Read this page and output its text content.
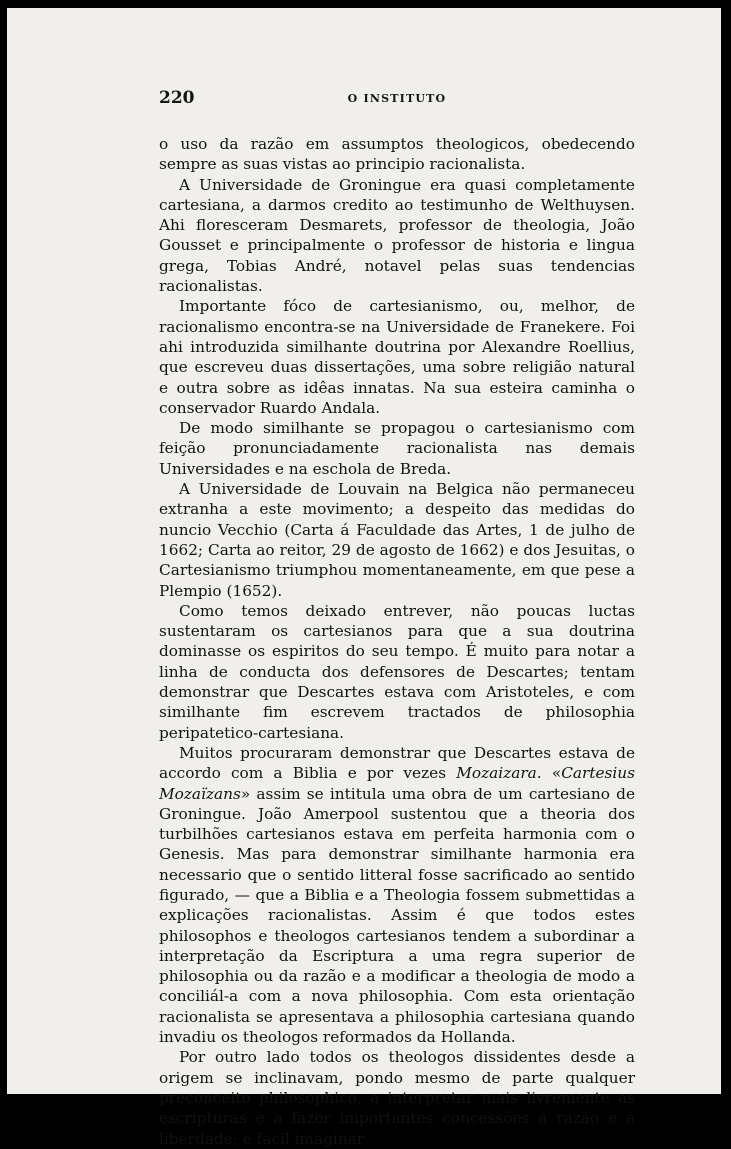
220	O INSTITUTO

o uso da razão em assumptos theologicos, obedecendo sempre as suas vistas ao principio racionalista.

A Universidade de Groningue era quasi completamente cartesiana, a darmos credito ao testimunho de Welthuysen. Ahi floresceram Desmarets, professor de theologia, João Gousset e principalmente o professor de historia e lingua grega, Tobias André, notavel pelas suas tendencias racionalistas.

Importante fóco de cartesianismo, ou, melhor, de racionalismo encontra-se na Universidade de Franekere. Foi ahi introduzida similhante doutrina por Alexandre Roellius, que escreveu duas dissertações, uma sobre religião natural e outra sobre as idêas innatas. Na sua esteira caminha o conservador Ruardo Andala.

De modo similhante se propagou o cartesianismo com feição pronunciadamente racionalista nas demais Universidades e na eschola de Breda.

A Universidade de Louvain na Belgica não permaneceu extranha a este movimento; a despeito das medidas do nuncio Vecchio (Carta á Faculdade das Artes, 1 de julho de 1662; Carta ao reitor, 29 de agosto de 1662) e dos Jesuitas, o Cartesianismo triumphou momentaneamente, em que pese a Plempio (1652).

Como temos deixado entrever, não poucas luctas sustentaram os cartesianos para que a sua doutrina dominasse os espiritos do seu tempo. É muito para notar a linha de conducta dos defensores de Descartes; tentam demonstrar que Descartes estava com Aristoteles, e com similhante fim escrevem tractados de philosophia peripatetico-cartesiana.

Muitos procuraram demonstrar que Descartes estava de accordo com a Biblia e por vezes Mozaizara. «Cartesius Mozaïzans» assim se intitula uma obra de um cartesiano de Groningue. João Amerpool sustentou que a theoria dos turbilhões cartesianos estava em perfeita harmonia com o Genesis. Mas para demonstrar similhante harmonia era necessario que o sentido litteral fosse sacrificado ao sentido figurado, — que a Biblia e a Theologia fossem submettidas a explicações racionalistas. Assim é que todos estes philosophos e theologos cartesianos tendem a subordinar a interpretação da Escriptura a uma regra superior de philosophia ou da razão e a modificar a theologia de modo a conciliál-a com a nova philosophia. Com esta orientação racionalista se apresentava a philosophia cartesiana quando invadiu os theologos reformados da Hollanda.

Por outro lado todos os theologos dissidentes desde a origem se inclinavam, pondo mesmo de parte qualquer preconceito philosophico, a interpretar mais livremente as escripturas e a fazer importantes concessões á razão e á liberdade; é facil imaginar
